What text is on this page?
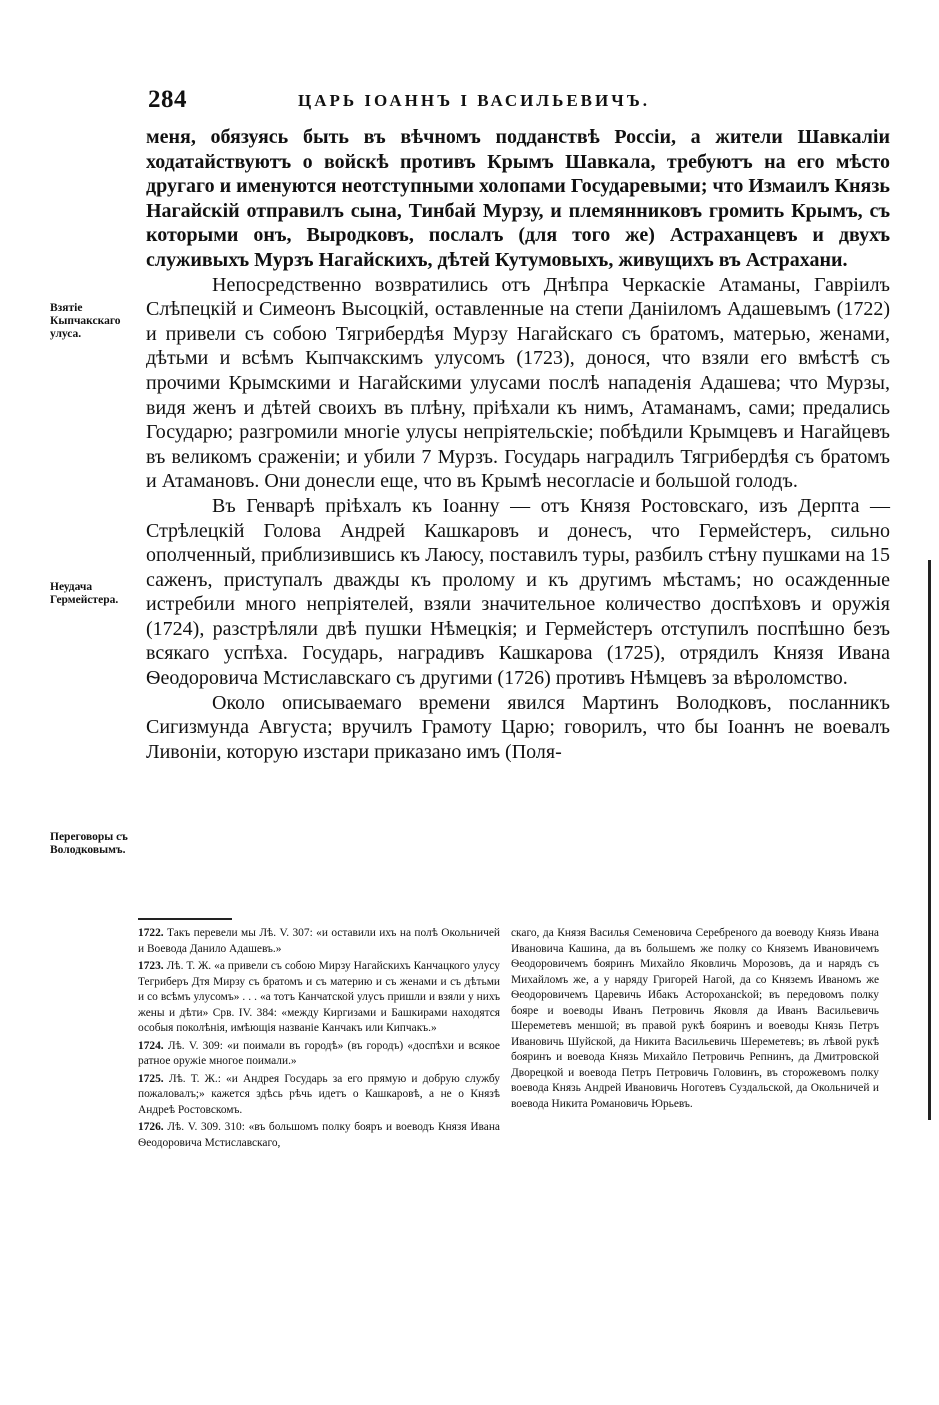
284	ЦАРЬ ІОАННЪ І ВАСИЛЬЕВИЧЪ.
Взятіе Кыпчакскаго улуса.
Неудача Гермейстера.
Переговоры съ Володковымъ.

меня, обязуясь быть въ вѣчномъ подданствѣ Россіи, а жители Шавкаліи ходатайствуютъ о войскѣ противъ Крымъ Шавкала, требуютъ на его мѣсто другаго и именуются неотступными холопами Государевыми; что Измаилъ Князь Нагайскій отправилъ сына, Тинбай Мурзу, и племянниковъ громить Крымъ, съ которыми онъ, Выродковъ, послалъ (для того же) Астраханцевъ и двухъ служивыхъ Мурзъ Нагайскихъ, дѣтей Кутумовыхъ, живущихъ въ Астрахани.

Непосредственно возвратились отъ Днѣпра Черкаскіе Атаманы, Гавріилъ Слѣпецкій и Симеонъ Высоцкій, оставленные на степи Даніиломъ Адашевымъ (1722) и привели съ собою Тягрибердѣя Мурзу Нагайскаго съ братомъ, матерью, женами, дѣтьми и всѣмъ Кыпчакскимъ улусомъ (1723), донося, что взяли его вмѣстѣ съ прочими Крымскими и Нагайскими улусами послѣ нападенія Адашева; что Мурзы, видя женъ и дѣтей своихъ въ плѣну, пріѣхали къ нимъ, Атаманамъ, сами; предались Государю; разгромили многіе улусы непріятельскіе; побѣдили Крымцевъ и Нагайцевъ въ великомъ сраженіи; и убили 7 Мурзъ. Государь наградилъ Тягрибердѣя съ братомъ и Атамановъ. Они донесли еще, что въ Крымѣ несогласіе и большой голодъ.

Въ Генварѣ пріѣхалъ къ Іоанну — отъ Князя Ростовскаго, изъ Дерпта — Стрѣлецкій Голова Андрей Кашкаровъ и донесъ, что Гермейстеръ, сильно ополченный, приблизившись къ Лаюсу, поставилъ туры, разбилъ стѣну пушками на 15 саженъ, приступалъ дважды къ пролому и къ другимъ мѣстамъ; но осажденные истребили много непріятелей, взяли значительное количество доспѣховъ и оружія (1724), разстрѣляли двѣ пушки Нѣмецкія; и Гермейстеръ отступилъ поспѣшно безъ всякаго успѣха. Государь, наградивъ Кашкарова (1725), отрядилъ Князя Ивана Ѳеодоровича Мстиславскаго съ другими (1726) противъ Нѣмцевъ за вѣроломство.

Около описываемаго времени явился Мартинъ Володковъ, посланникъ Сигизмунда Августа; вручилъ Грамоту Царю; говорилъ, что бы Іоаннъ не воевалъ Ливоніи, которую изстари приказано имъ (Поля-

1722. Такъ перевели мы Лѣ. V. 307: «и оставили ихъ на полѣ Окольничей и Воевода Данило Адашевъ.»

1723. Лѣ. Т. Ж. «а привели съ собою Мирзу Нагайскихъ Канчацкого улусу Тегриберъ Дтя Мирзу съ братомъ и съ материю и съ женами и съ дѣтьми и со всѣмъ улусомъ» . . . «а тотъ Канчатской улусъ пришли и взяли у нихъ жены и дѣти» Срв. IV. 384: «между Киргизами и Башкирами находятся особыя поколѣнія, имѣющія названіе Канчакъ или Кипчакъ.»

1724. Лѣ. V. 309: «и поимали въ городѣ» (въ городъ) «доспѣхи и всякое ратное оружіе многое поимали.»

1725. Лѣ. Т. Ж.: «и Андрея Государь за его прямую и добрую службу пожаловалъ;» кажется здѣсь рѣчь идетъ о Кашкаровѣ, а не о Князѣ Андреѣ Ростовскомъ.

1726. Лѣ. V. 309. 310: «въ большомъ полку бояръ и воеводъ Князя Ивана Ѳеодоровича Мстиславскаго,

скаго, да Князя Василья Семеновича Серебреного да воеводу Князь Ивана Ивановича Кашина, да въ большемъ же полку со Княземъ Ивановичемъ Ѳеодоровичемъ бояринъ Михайло Яковличь Морозовъ, да и нарядъ съ Михайломъ же, а у наряду Григорей Нагой, да со Княземъ Иваномъ же Ѳеодоровичемъ Царевичь Ибакъ Асторохансkой; въ передовомъ полку бояре и воеводы Иванъ Петровичь Яковля да Иванъ Васильевичь Шереметевъ меншой; въ правой рукѣ бояринъ и воеводы Князь Петръ Ивановичь Шуйской, да Никита Васильевичь Шереметевъ; въ лѣвой рукѣ бояринъ и воевода Князь Михайло Петровичь Репнинъ, да Дмитровской Дворецкой и воевода Петръ Петровичь Головинъ, въ сторожевомъ полку воевода Князь Андрей Ивановичь Ноготевъ Суздальской, да Окольничей и воевода Никита Романовичь Юрьевъ.
